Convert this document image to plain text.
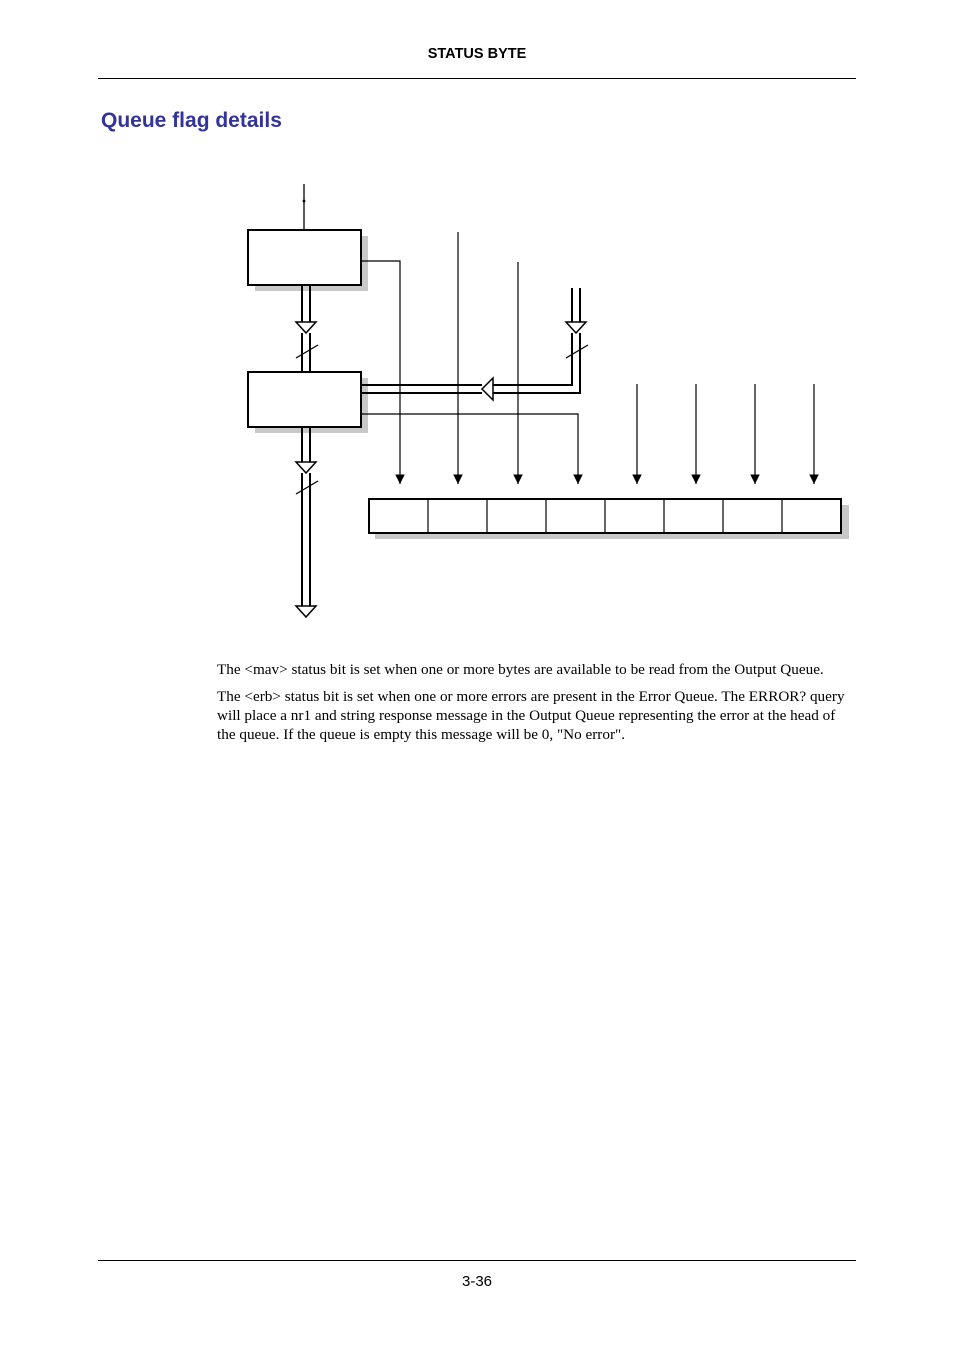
STATUS BYTE
Queue flag details

The <mav> status bit is set when one or more bytes are available to be read from the Output Queue.

The <erb> status bit is set when one or more errors are present in the Error Queue. The ERROR? query will place a nr1 and string response message in the Output Queue representing the error at the head of the queue. If the queue is empty this message will be 0, "No error".

3-36
